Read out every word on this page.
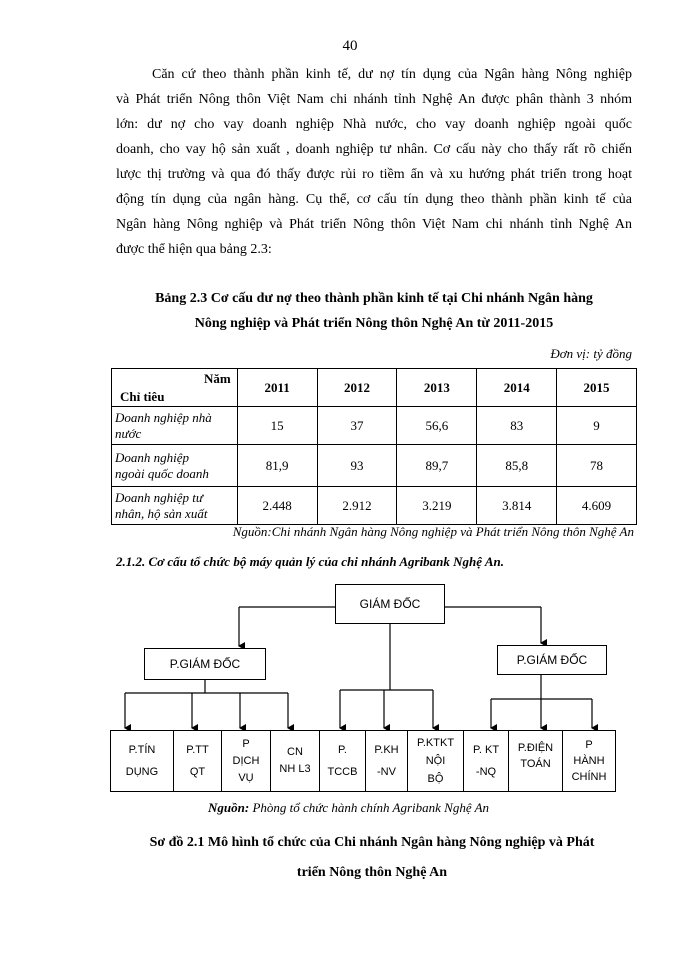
40
Căn cứ theo thành phần kinh tế, dư nợ tín dụng của Ngân hàng Nông nghiệp
và Phát triển Nông thôn Việt Nam chi nhánh tỉnh Nghệ An được phân thành 3 nhóm
lớn: dư nợ cho vay doanh nghiệp Nhà nước, cho vay doanh nghiệp ngoài quốc
doanh, cho vay hộ sản xuất , doanh nghiệp tư nhân. Cơ cấu này cho thấy rất rõ chiến
lược thị trường và qua đó thấy được rủi ro tiềm ẩn và xu hướng phát triển trong hoạt
động tín dụng của ngân hàng. Cụ thể, cơ cấu tín dụng theo thành phần kinh tế của
Ngân hàng Nông nghiệp và Phát triển Nông thôn Việt Nam chi nhánh tỉnh Nghệ An
được thể hiện qua bảng 2.3:
Bảng 2.3 Cơ cấu dư nợ theo thành phần kinh tế tại Chi nhánh Ngân hàng
Nông nghiệp và Phát triển Nông thôn Nghệ An từ 2011-2015
Đơn vị: tỷ đồng
Năm
Chỉ tiêu	2011	2012	2013	2014	2015

Doanh nghiệp nhà
nước	15	37	56,6	83	9

Doanh nghiệp
ngoài quốc doanh	81,9	93	89,7	85,8	78

Doanh nghiệp tư
nhân, hộ sản xuất	2.448	2.912	3.219	3.814	4.609
Nguồn:Chi nhánh Ngân hàng Nông nghiệp và Phát triển Nông thôn Nghệ An
2.1.2. Cơ cấu tổ chức bộ máy quản lý của chi nhánh Agribank Nghệ An.
GIÁM ĐỐC
P.GIÁM ĐỐC	P.GIÁM ĐỐC
P.TÍN
DỤNG
P.TT
QT
P
DỊCH
VỤ
CN
NH L3
P.
TCCB
P.KH
-NV
P.KTKT
NỘI
BỘ
P. KT
-NQ
P.ĐIỆN
TOÁN
P
HÀNH
CHÍNH
Nguồn: Phòng tổ chức hành chính Agribank Nghệ An
Sơ đồ 2.1 Mô hình tổ chức của Chi nhánh Ngân hàng Nông nghiệp và Phát
triển Nông thôn Nghệ An
